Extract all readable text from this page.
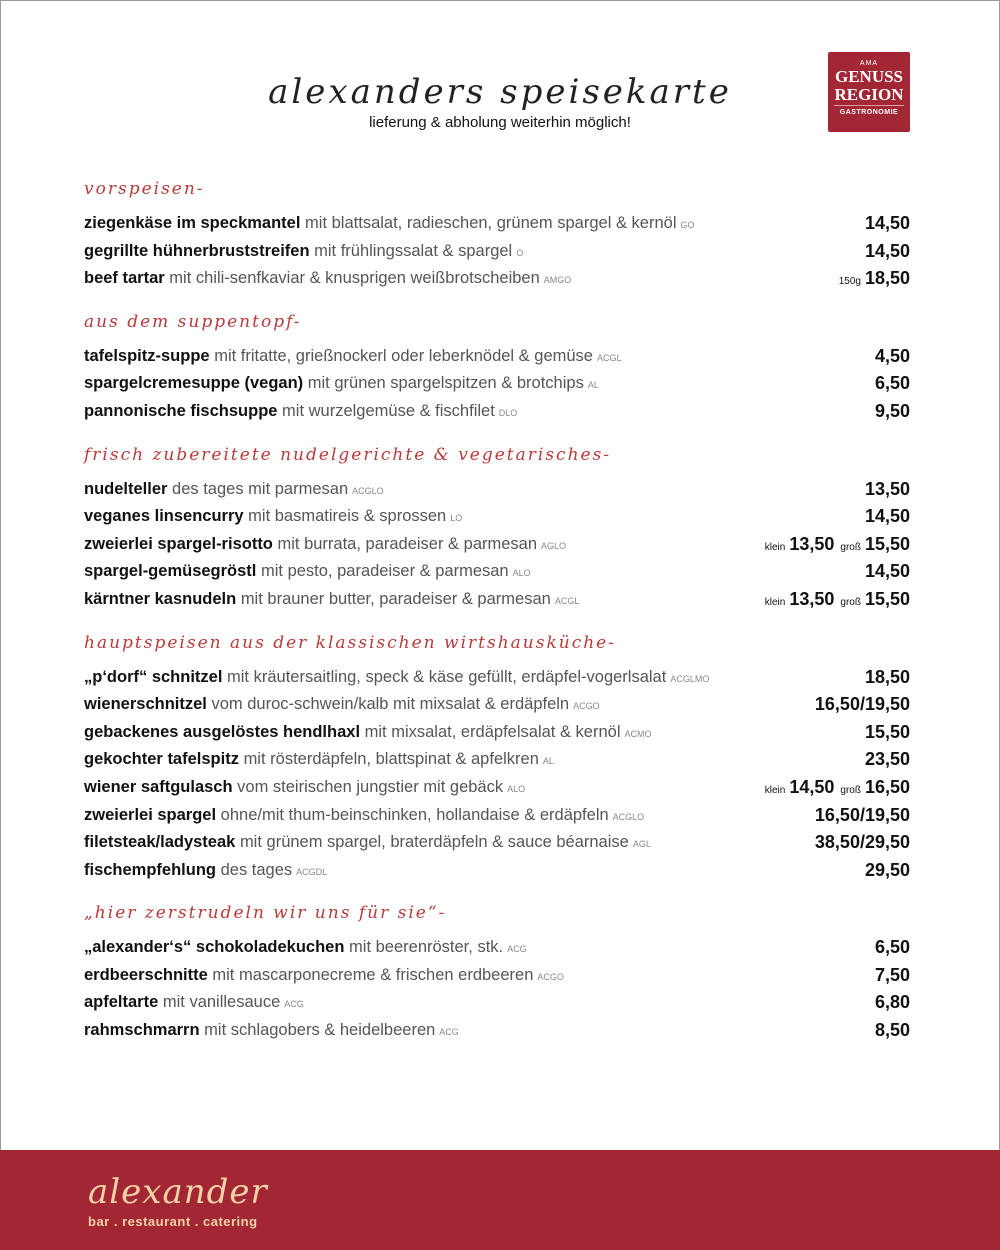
alexanders speisekarte
lieferung & abholung weiterhin möglich!
AMA
GENUSS
REGION
GASTRONOMIE
vorspeisen-
ziegenkäse im speckmantel mit blattsalat, radieschen, grünem spargel & kernöl GO	14,50
gegrillte hühnerbruststreifen mit frühlingssalat & spargel O	14,50
beef tartar mit chili-senfkaviar & knusprigen weißbrotscheiben AMGO	150g 18,50
aus dem suppentopf-
tafelspitz-suppe mit fritatte, grießnockerl oder leberknödel & gemüse ACGL	4,50
spargelcremesuppe (vegan) mit grünen spargelspitzen & brotchips AL	6,50
pannonische fischsuppe mit wurzelgemüse & fischfilet DLO	9,50
frisch zubereitete nudelgerichte & vegetarisches-
nudelteller des tages mit parmesan ACGLO	13,50
veganes linsencurry mit basmatireis & sprossen LO	14,50
zweierlei spargel-risotto mit burrata, paradeiser & parmesan AGLO	klein 13,50 groß 15,50
spargel-gemüsegröstl mit pesto, paradeiser & parmesan ALO	14,50
kärntner kasnudeln mit brauner butter, paradeiser & parmesan ACGL	klein 13,50 groß 15,50
hauptspeisen aus der klassischen wirtshausküche-
„p‘dorf“ schnitzel mit kräutersaitling, speck & käse gefüllt, erdäpfel-vogerlsalat ACGLMO	18,50
wienerschnitzel vom duroc-schwein/kalb mit mixsalat & erdäpfeln ACGO	16,50/19,50
gebackenes ausgelöstes hendlhaxl mit mixsalat, erdäpfelsalat & kernöl ACMO	15,50
gekochter tafelspitz mit rösterdäpfeln, blattspinat & apfelkren AL	23,50
wiener saftgulasch vom steirischen jungstier mit gebäck ALO	klein 14,50 groß 16,50
zweierlei spargel ohne/mit thum-beinschinken, hollandaise & erdäpfeln ACGLO	16,50/19,50
filetsteak/ladysteak mit grünem spargel, braterdäpfeln & sauce béarnaise AGL	38,50/29,50
fischempfehlung des tages ACGDL	29,50
„hier zerstrudeln wir uns für sie“-
„alexander‘s“ schokoladekuchen mit beerenröster, stk. ACG	6,50
erdbeerschnitte mit mascarponecreme & frischen erdbeeren ACGO	7,50
apfeltarte mit vanillesauce ACG	6,80
rahmschmarrn mit schlagobers & heidelbeeren ACG	8,50
alexander
bar . restaurant . catering
